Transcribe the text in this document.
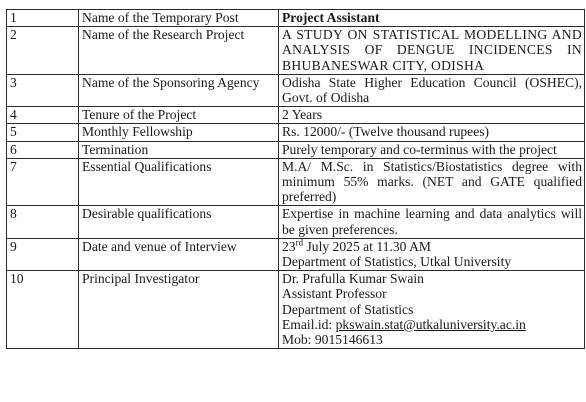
1	Name of the Temporary Post	Project Assistant
2	Name of the Research Project	A STUDY ON STATISTICAL MODELLING AND ANALYSIS OF DENGUE INCIDENCES IN BHUBANESWAR CITY, ODISHA
3	Name of the Sponsoring Agency	Odisha State Higher Education Council (OSHEC), Govt. of Odisha
4	Tenure of the Project	2 Years
5	Monthly Fellowship	Rs. 12000/- (Twelve thousand rupees)
6	Termination	Purely temporary and co-terminus with the project
7	Essential Qualifications	M.A/ M.Sc. in Statistics/Biostatistics degree with minimum 55% marks. (NET and GATE qualified preferred)
8	Desirable qualifications	Expertise in machine learning and data analytics will be given preferences.
9	Date and venue of Interview	23rd July 2025 at 11.30 AM
Department of Statistics, Utkal University

10	Principal Investigator	Dr. Prafulla Kumar Swain
Assistant Professor
Department of Statistics
Email.id: pkswain.stat@utkaluniversity.ac.in
Mob: 9015146613
